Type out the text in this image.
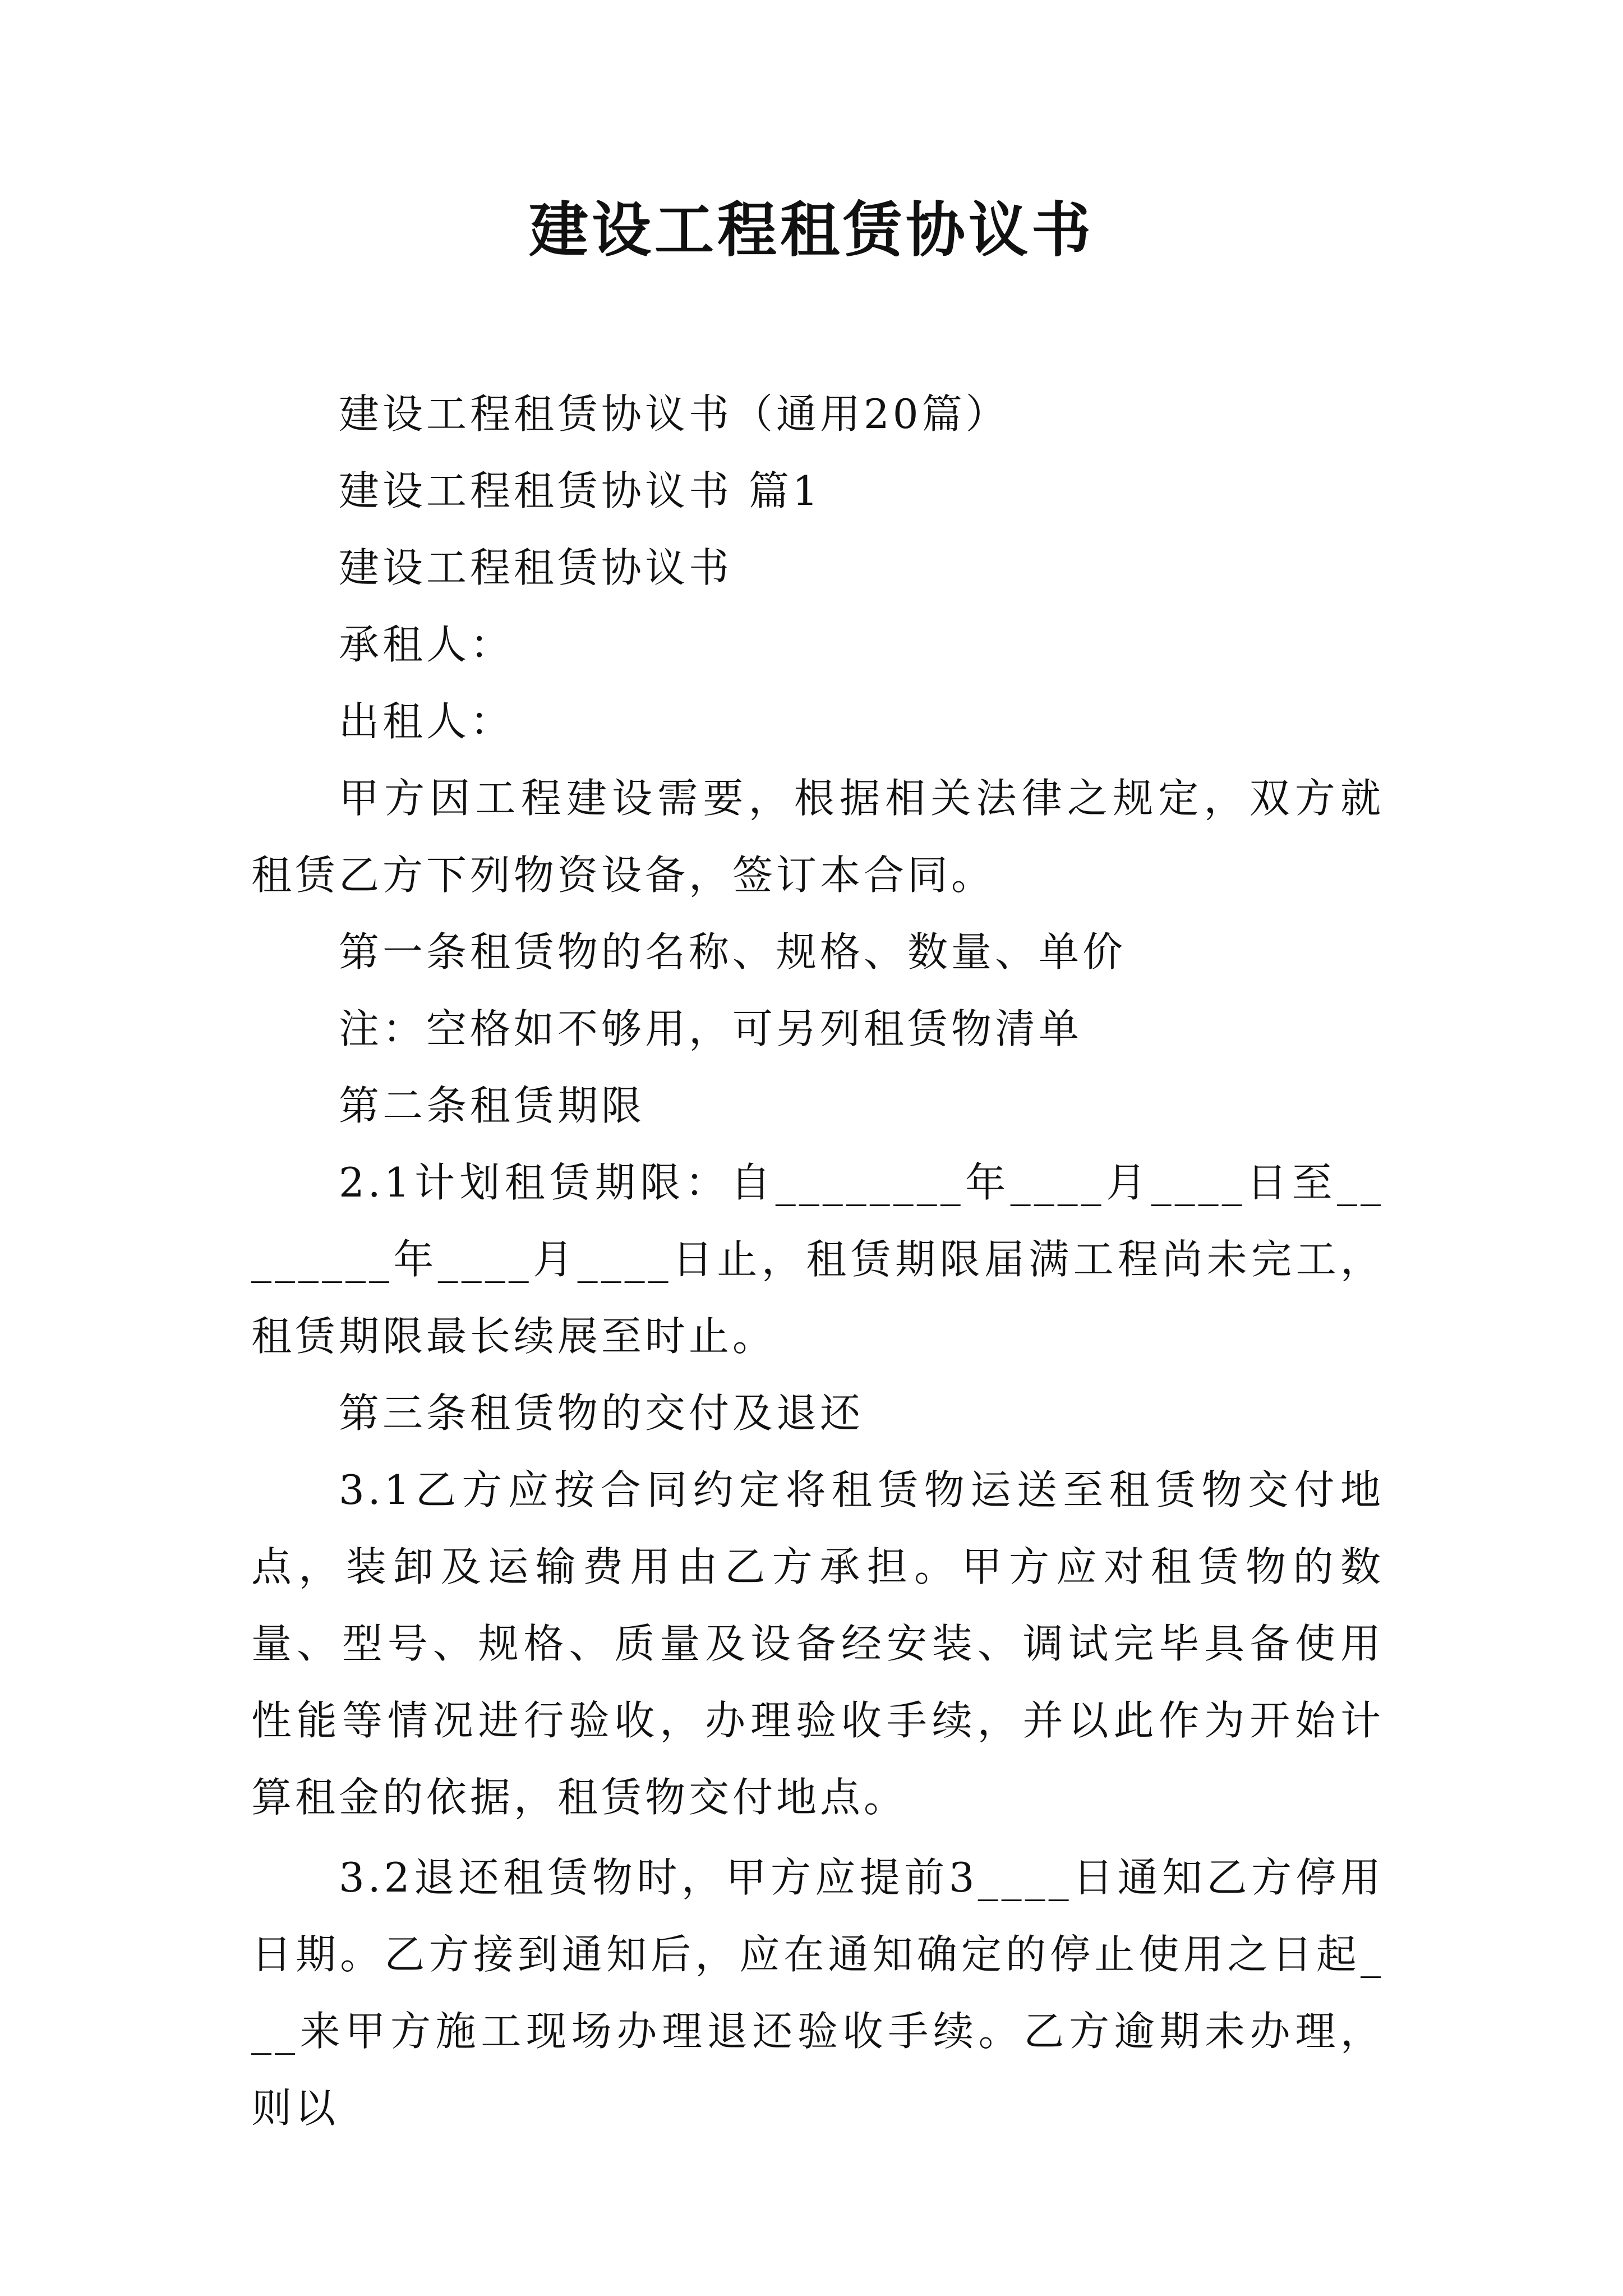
建设工程租赁协议书

建设工程租赁协议书（通用20篇）

建设工程租赁协议书 篇1

建设工程租赁协议书

承租人：

出租人：

甲方因工程建设需要，根据相关法律之规定，双方就租赁乙方下列物资设备，签订本合同。

第一条租赁物的名称、规格、数量、单价

注：空格如不够用，可另列租赁物清单

第二条租赁期限

2.1计划租赁期限：自________年____月____日至________年____月____日止，租赁期限届满工程尚未完工，租赁期限最长续展至时止。

第三条租赁物的交付及退还

3.1乙方应按合同约定将租赁物运送至租赁物交付地点，装卸及运输费用由乙方承担。甲方应对租赁物的数量、型号、规格、质量及设备经安装、调试完毕具备使用性能等情况进行验收，办理验收手续，并以此作为开始计算租金的依据，租赁物交付地点。

3.2退还租赁物时，甲方应提前3____日通知乙方停用日期。乙方接到通知后，应在通知确定的停止使用之日起___来甲方施工现场办理退还验收手续。乙方逾期未办理，则以
